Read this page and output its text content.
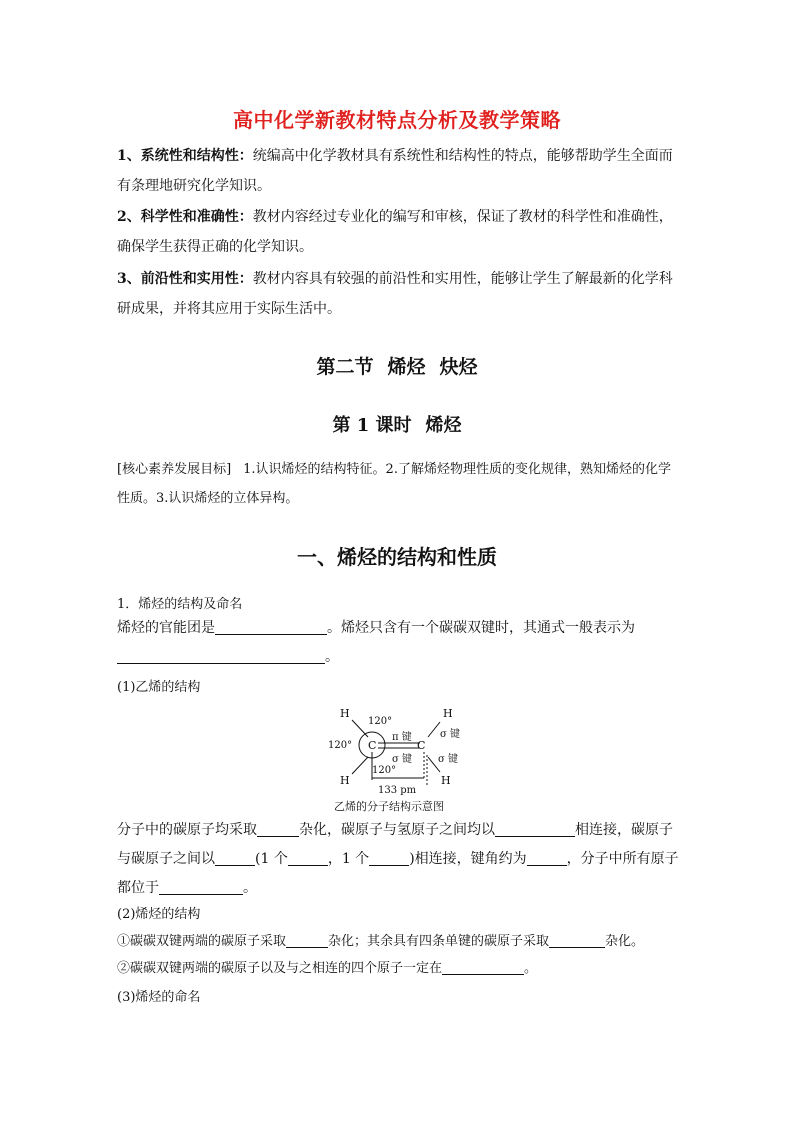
高中化学新教材特点分析及教学策略
1、系统性和结构性：统编高中化学教材具有系统性和结构性的特点，能够帮助学生全面而有条理地研究化学知识。
2、科学性和准确性：教材内容经过专业化的编写和审核，保证了教材的科学性和准确性，确保学生获得正确的化学知识。
3、前沿性和实用性：教材内容具有较强的前沿性和实用性，能够让学生了解最新的化学科研成果，并将其应用于实际生活中。
第二节 烯烃 炔烃
第 1 课时 烯烃
[核心素养发展目标] 1.认识烯烃的结构特征。2.了解烯烃物理性质的变化规律，熟知烯烃的化学性质。3.认识烯烃的立体异构。
一、烯烃的结构和性质
1．烯烃的结构及命名
烯烃的官能团是	。烯烃只含有一个碳碳双键时，其通式一般表示为
。
(1)乙烯的结构
H
H
H
H
C	C
120°
120°
120°
π 键
σ 键
σ 键
σ 键
133 pm
乙烯的分子结构示意图
分子中的碳原子均采取	杂化，碳原子与氢原子之间均以	相连接，碳原子与碳原子之间以	(1 个	，1 个	)相连接，键角约为	，分子中所有原子都位于	。
(2)烯烃的结构
①碳碳双键两端的碳原子采取	杂化；其余具有四条单键的碳原子采取	杂化。
②碳碳双键两端的碳原子以及与之相连的四个原子一定在	。
(3)烯烃的命名
